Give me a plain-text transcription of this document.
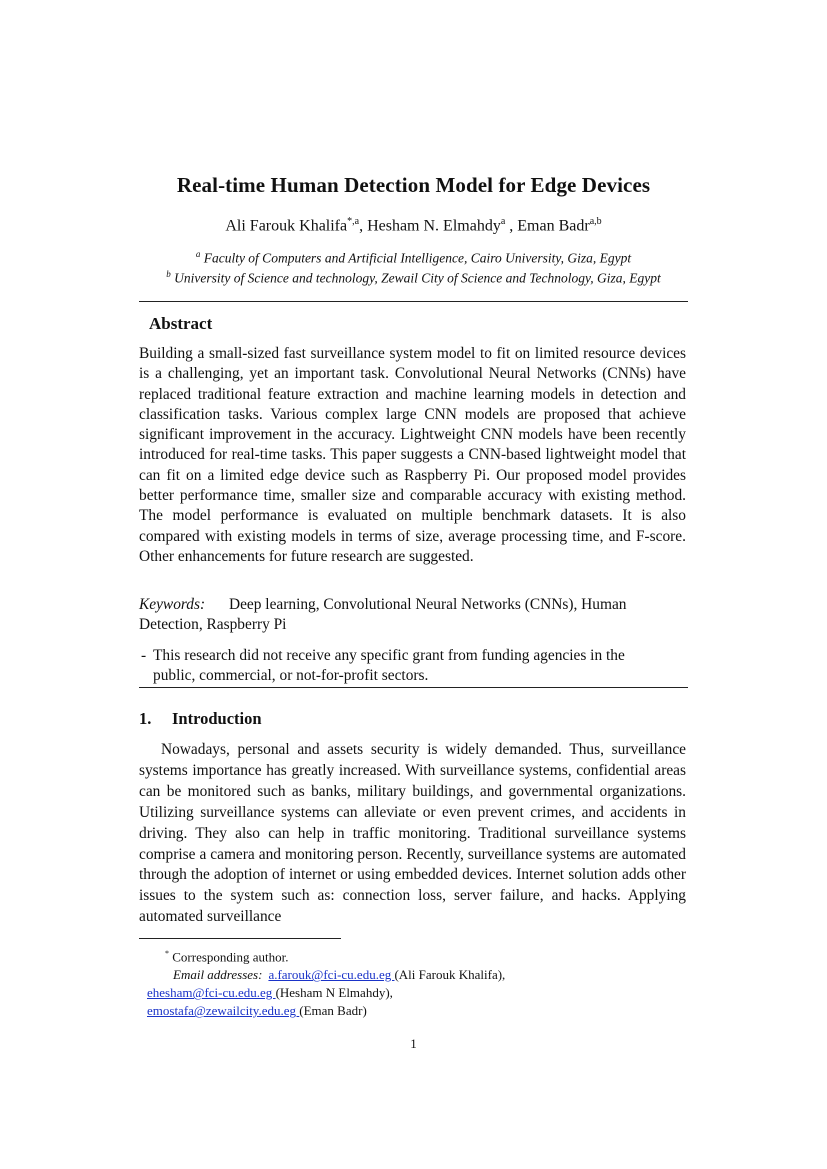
Real-time Human Detection Model for Edge Devices
Ali Farouk Khalifa$^{*,a}$, Hesham N. Elmahdy$^a$ , Eman Badr$^{a,b}$
$^a$ Faculty of Computers and Artificial Intelligence, Cairo University, Giza, Egypt
$^b$ University of Science and technology, Zewail City of Science and Technology, Giza, Egypt
Abstract
Building a small-sized fast surveillance system model to fit on limited resource devices is a challenging, yet an important task. Convolutional Neural Networks (CNNs) have replaced traditional feature extraction and machine learning models in detection and classification tasks. Various complex large CNN models are proposed that achieve significant improvement in the accuracy. Lightweight CNN models have been recently introduced for real-time tasks. This paper suggests a CNN-based lightweight model that can fit on a limited edge device such as Raspberry Pi. Our proposed model provides better performance time, smaller size and comparable accuracy with existing method. The model performance is evaluated on multiple benchmark datasets. It is also compared with existing models in terms of size, average processing time, and F-score. Other enhancements for future research are suggested.
Keywords: Deep learning, Convolutional Neural Networks (CNNs), Human Detection, Raspberry Pi
- This research did not receive any specific grant from funding agencies in the
public, commercial, or not-for-profit sectors.
1. Introduction
Nowadays, personal and assets security is widely demanded. Thus, surveillance systems importance has greatly increased. With surveillance systems, confidential areas can be monitored such as banks, military buildings, and governmental organizations. Utilizing surveillance systems can alleviate or even prevent crimes, and accidents in driving. They also can help in traffic monitoring. Traditional surveillance systems comprise a camera and monitoring person. Recently, surveillance systems are automated through the adoption of internet or using embedded devices. Internet solution adds other issues to the system such as: connection loss, server failure, and hacks. Applying automated surveillance
* Corresponding author.
Email addresses: a.farouk@fci-cu.edu.eg (Ali Farouk Khalifa),
ehesham@fci-cu.edu.eg (Hesham N Elmahdy),
emostafa@zewailcity.edu.eg (Eman Badr)
1
